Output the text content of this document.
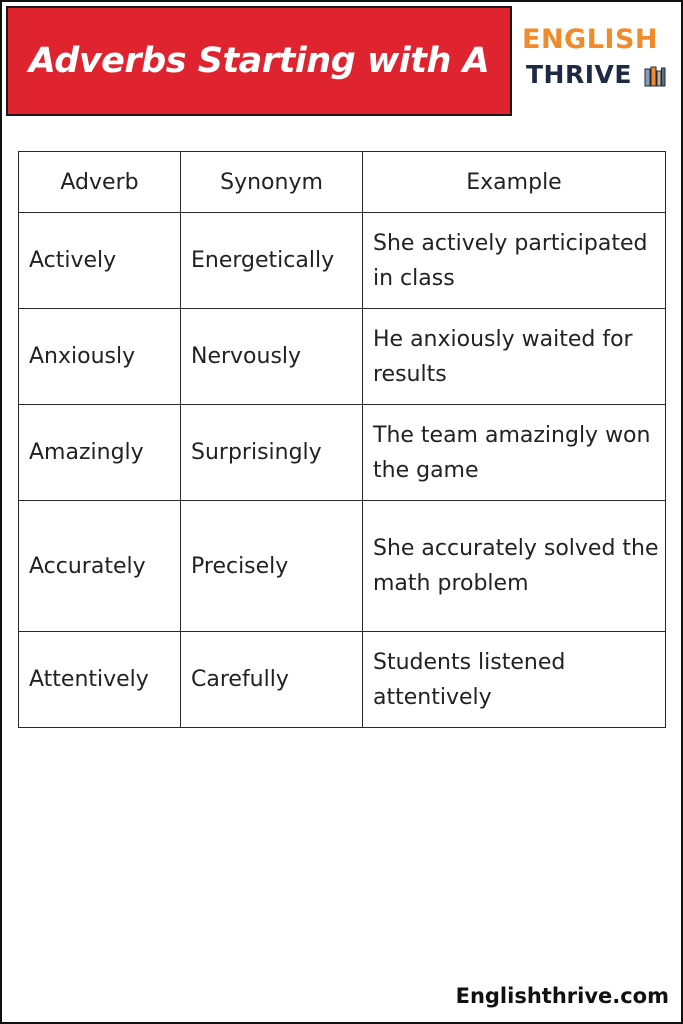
Adverbs Starting with A
ENGLISH
THRIVE
Adverb	Synonym	Example
Actively	Energetically	She actively participated in class
Anxiously	Nervously	He anxiously waited for results
Amazingly	Surprisingly	The team amazingly won the game
Accurately	Precisely	She accurately solved the math problem
Attentively	Carefully	Students listened attentively
Englishthrive.com
